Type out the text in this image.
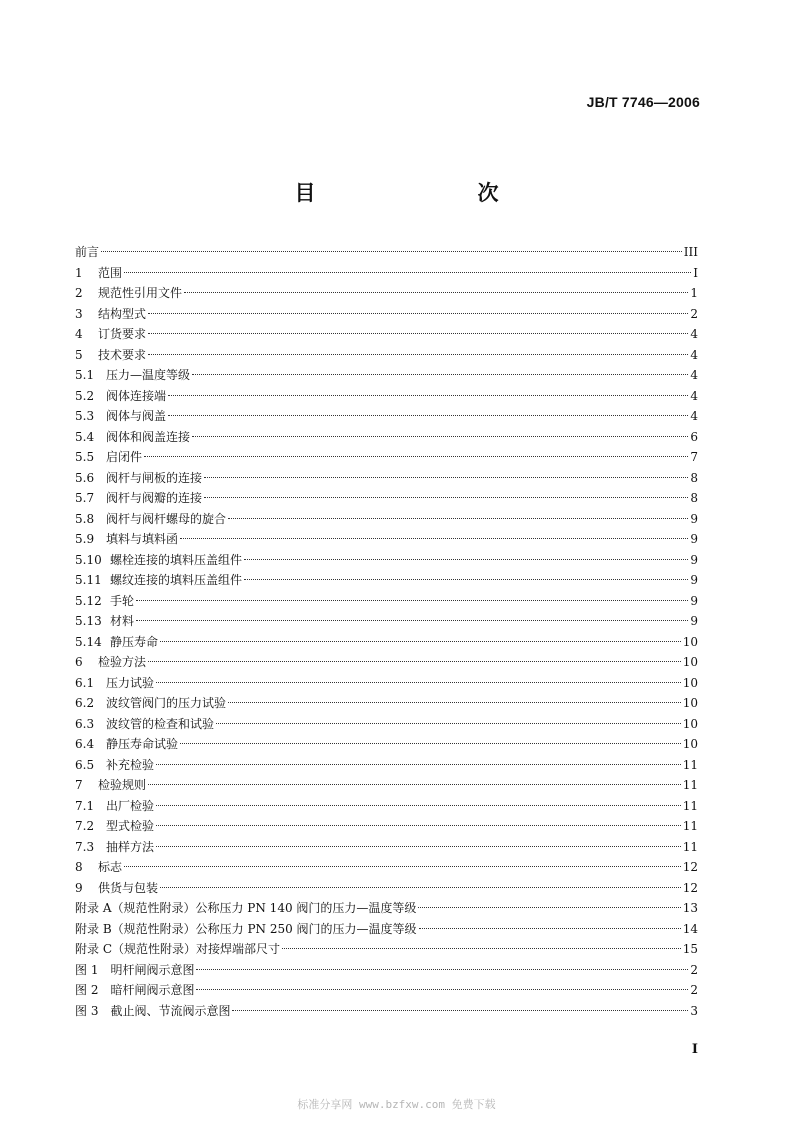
JB/T 7746—2006
目　　次
前言	III
1	范围	I
2	规范性引用文件	1
3	结构型式	2
4	订货要求	4
5	技术要求	4
5.1 压力—温度等级	4
5.2 阀体连接端	4
5.3 阀体与阀盖	4
5.4 阀体和阀盖连接	6
5.5 启闭件	7
5.6 阀杆与闸板的连接	8
5.7 阀杆与阀瓣的连接	8
5.8 阀杆与阀杆螺母的旋合	9
5.9 填料与填料函	9
5.10 螺栓连接的填料压盖组件	9
5.11 螺纹连接的填料压盖组件	9
5.12 手轮	9
5.13 材料	9
5.14 静压寿命	10
6	检验方法	10
6.1 压力试验	10
6.2 波纹管阀门的压力试验	10
6.3 波纹管的检查和试验	10
6.4 静压寿命试验	10
6.5 补充检验	11
7	检验规则	11
7.1 出厂检验	11
7.2 型式检验	11
7.3 抽样方法	11
8	标志	12
9	供货与包装	12
附录 A（规范性附录）公称压力 PN 140 阀门的压力—温度等级	13
附录 B（规范性附录）公称压力 PN 250 阀门的压力—温度等级	14
附录 C（规范性附录）对接焊端部尺寸	15
图 1　明杆闸阀示意图	2
图 2　暗杆闸阀示意图	2
图 3　截止阀、节流阀示意图	3
I
标准分享网 www.bzfxw.com 免费下载
